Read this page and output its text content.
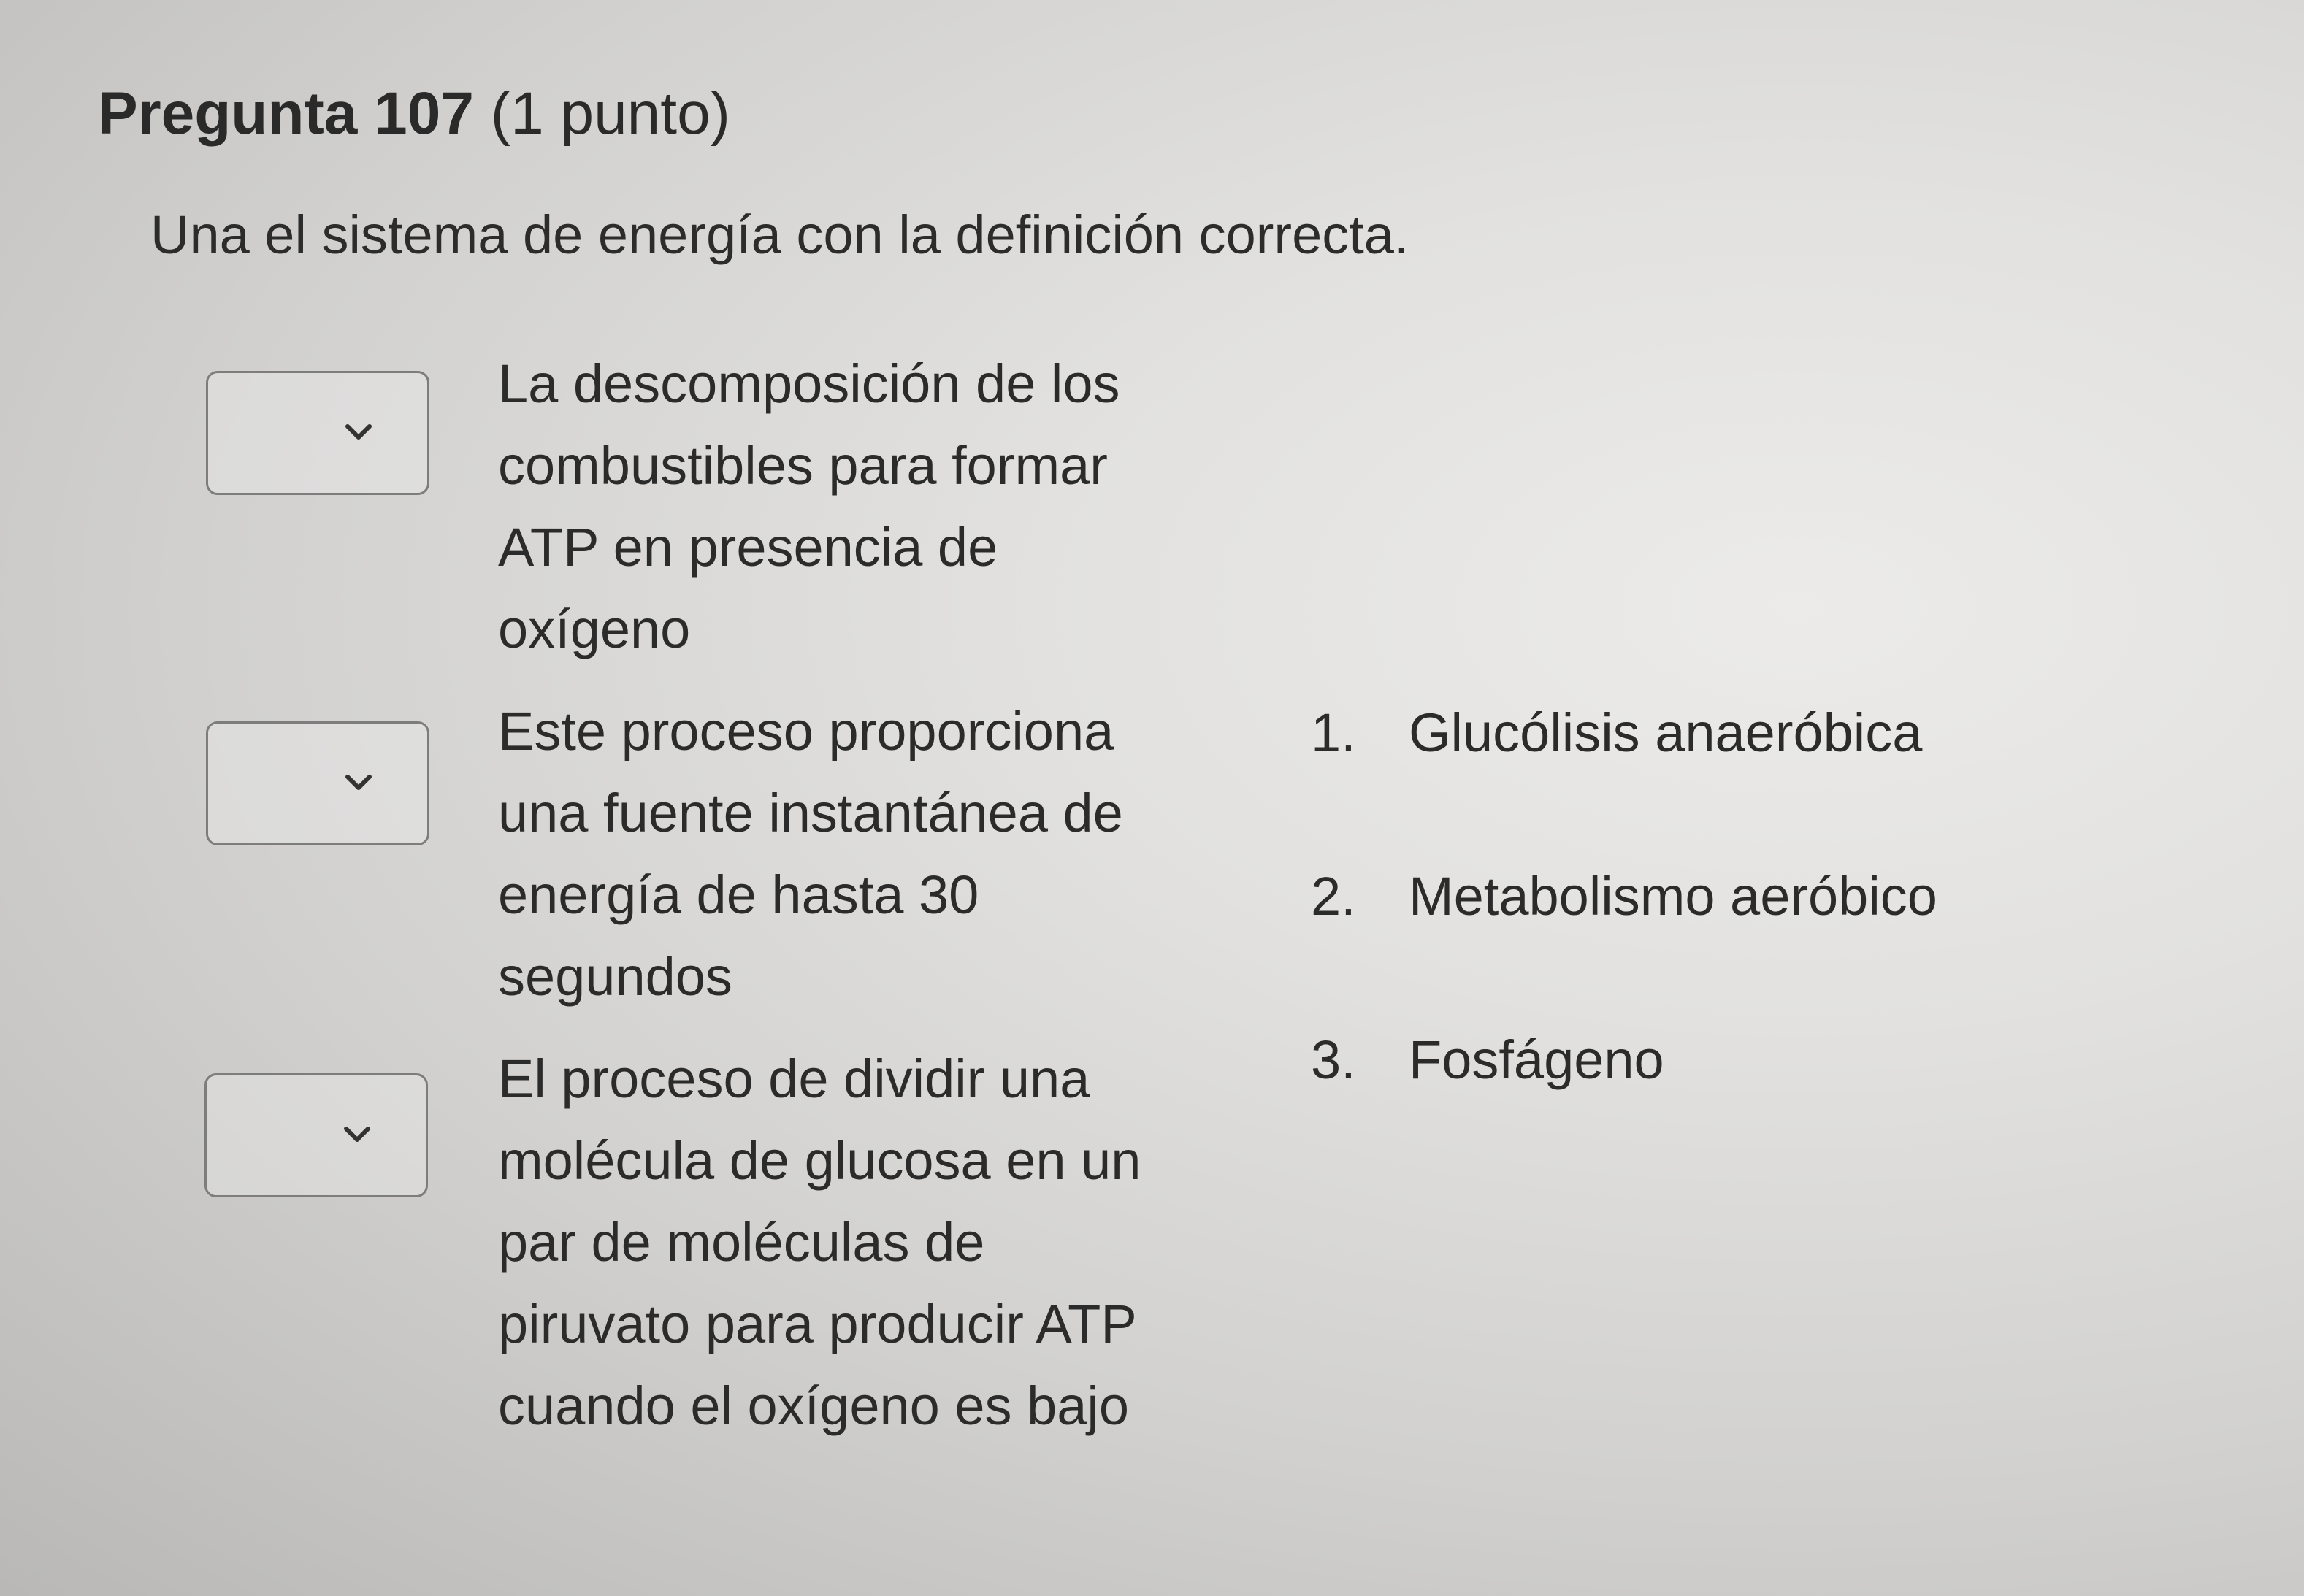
Pregunta 107 (1 punto)
Una el sistema de energía con la definición correcta.
La descomposición de los
combustibles para formar
ATP en presencia de
oxígeno
Este proceso proporciona
una fuente instantánea de
energía de hasta 30
segundos
El proceso de dividir una
molécula de glucosa en un
par de moléculas de
piruvato para producir ATP
cuando el oxígeno es bajo
1. Glucólisis anaeróbica
2. Metabolismo aeróbico
3. Fosfágeno
